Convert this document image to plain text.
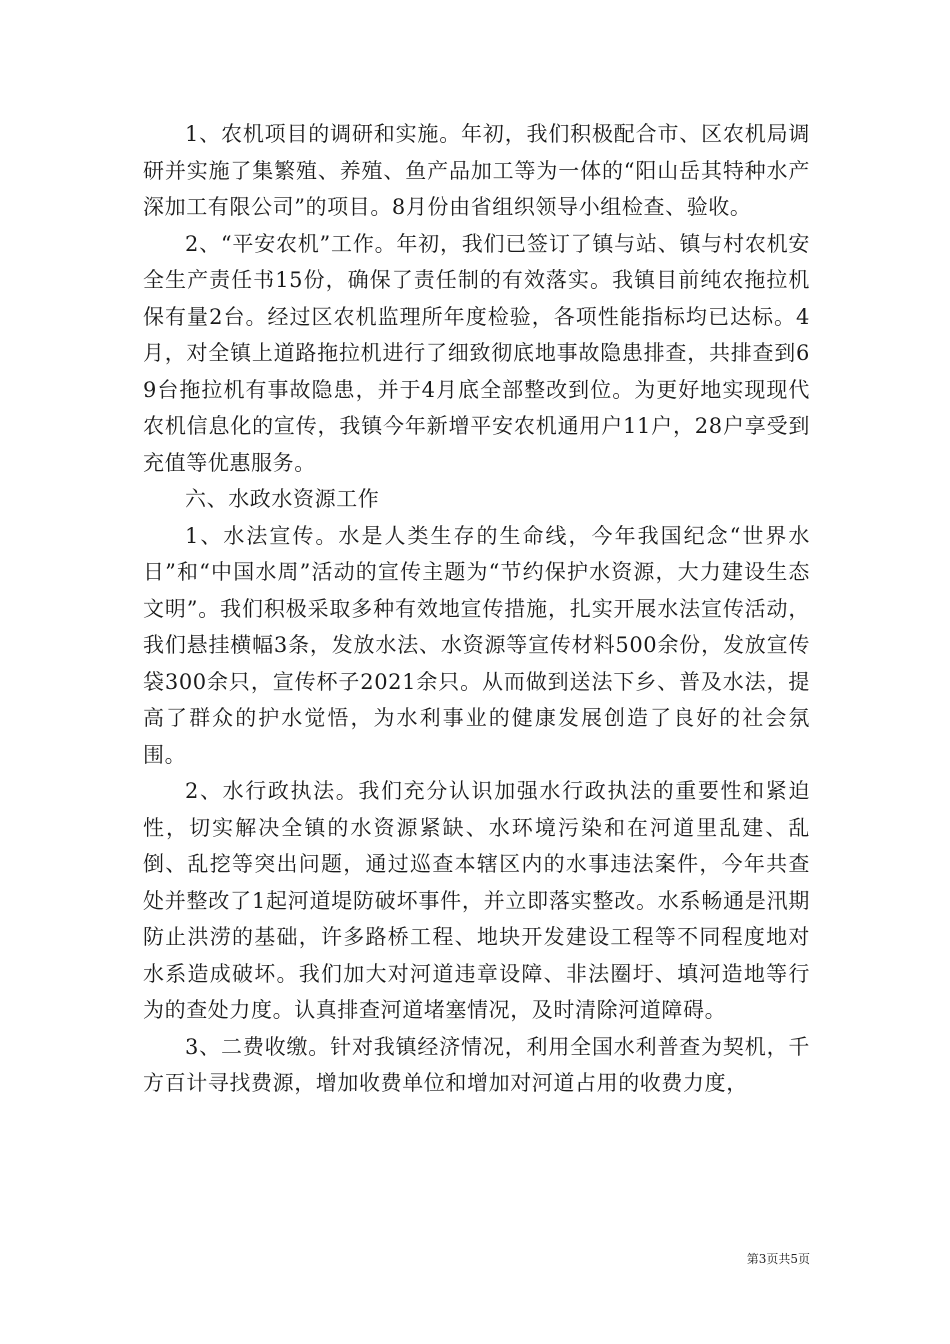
1、农机项目的调研和实施。年初，我们积极配合市、区农机局调研并实施了集繁殖、养殖、鱼产品加工等为一体的“阳山岳其特种水产深加工有限公司”的项目。8月份由省组织领导小组检查、验收。

2、“平安农机”工作。年初，我们已签订了镇与站、镇与村农机安全生产责任书15份，确保了责任制的有效落实。我镇目前纯农拖拉机保有量2台。经过区农机监理所年度检验，各项性能指标均已达标。4月，对全镇上道路拖拉机进行了细致彻底地事故隐患排查，共排查到69台拖拉机有事故隐患，并于4月底全部整改到位。为更好地实现现代农机信息化的宣传，我镇今年新增平安农机通用户11户，28户享受到充值等优惠服务。

六、水政水资源工作

1、水法宣传。水是人类生存的生命线，今年我国纪念“世界水日”和“中国水周”活动的宣传主题为“节约保护水资源，大力建设生态文明”。我们积极采取多种有效地宣传措施，扎实开展水法宣传活动，我们悬挂横幅3条，发放水法、水资源等宣传材料500余份，发放宣传袋300余只，宣传杯子2021余只。从而做到送法下乡、普及水法，提高了群众的护水觉悟，为水利事业的健康发展创造了良好的社会氛围。

2、水行政执法。我们充分认识加强水行政执法的重要性和紧迫性，切实解决全镇的水资源紧缺、水环境污染和在河道里乱建、乱倒、乱挖等突出问题，通过巡查本辖区内的水事违法案件，今年共查处并整改了1起河道堤防破坏事件，并立即落实整改。水系畅通是汛期防止洪涝的基础，许多路桥工程、地块开发建设工程等不同程度地对水系造成破坏。我们加大对河道违章设障、非法圈圩、填河造地等行为的查处力度。认真排查河道堵塞情况，及时清除河道障碍。

3、二费收缴。针对我镇经济情况，利用全国水利普查为契机，千方百计寻找费源，增加收费单位和增加对河道占用的收费力度，

第3页共5页
